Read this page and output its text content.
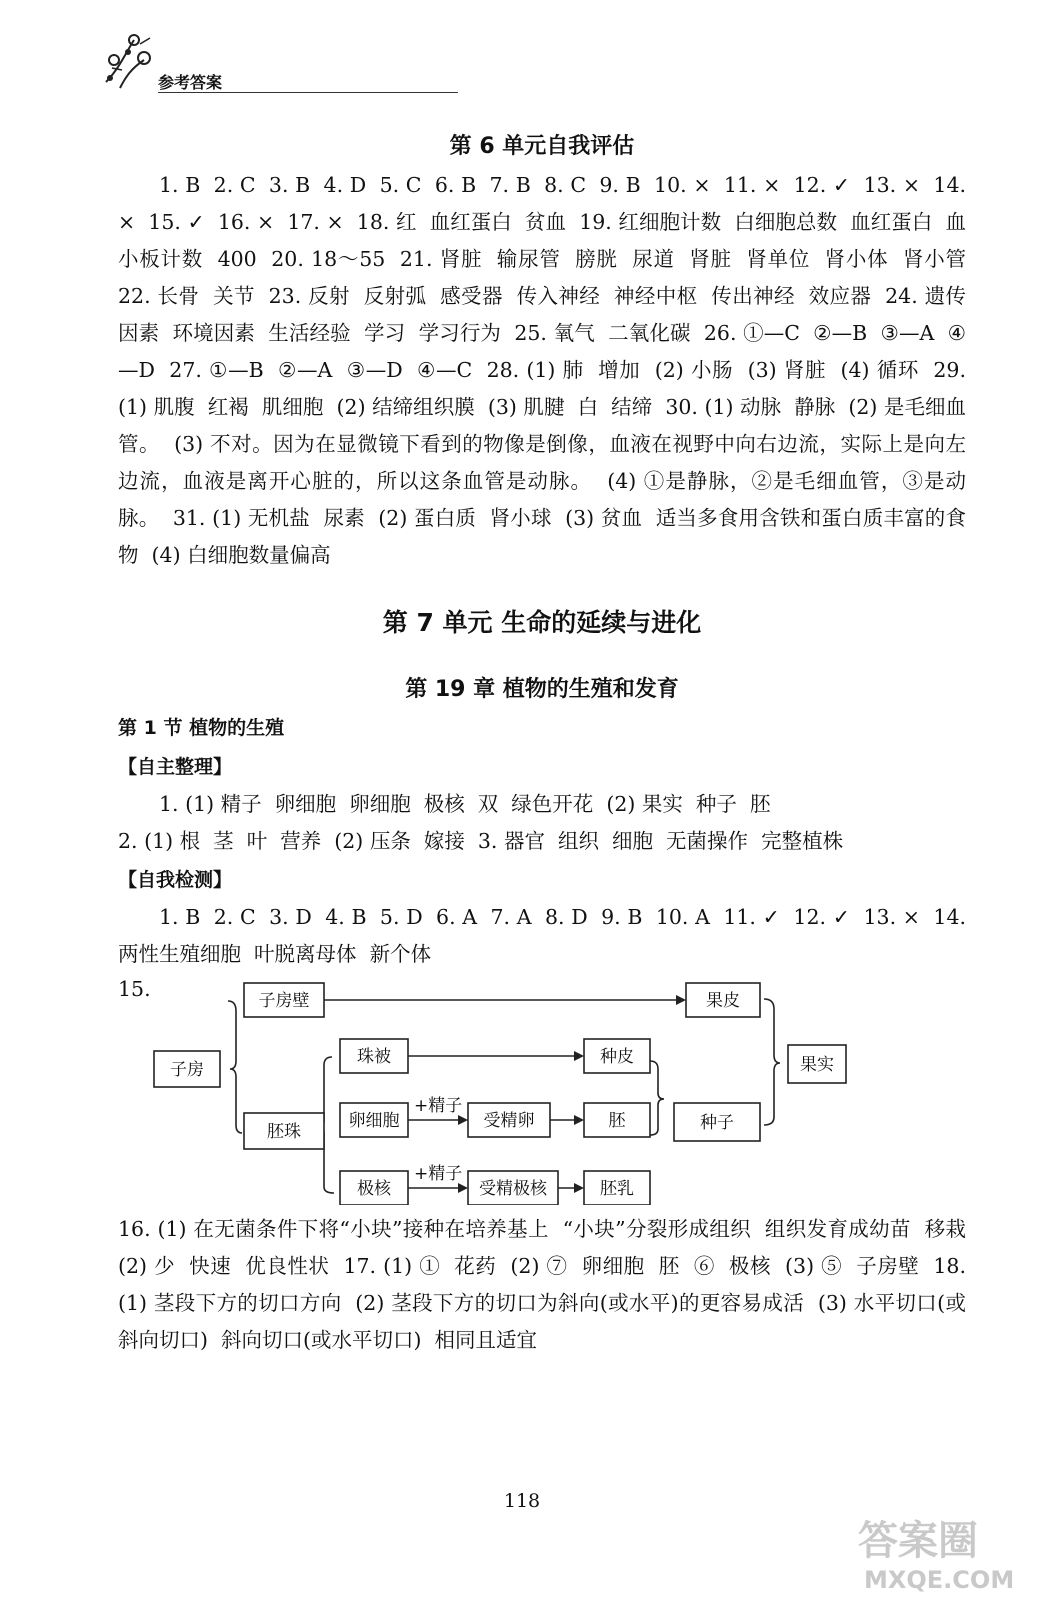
参考答案
第 6 单元自我评估

1. B  2. C  3. B  4. D  5. C  6. B  7. B  8. C  9. B  10. ×  11. ×  12. ✓  13. ×  14. ×  15. ✓  16. ×  17. ×  18. 红  血红蛋白  贫血  19. 红细胞计数  白细胞总数  血红蛋白  血小板计数  400  20. 18～55  21. 肾脏  输尿管  膀胱  尿道  肾脏  肾单位  肾小体  肾小管  22. 长骨  关节  23. 反射  反射弧  感受器  传入神经  神经中枢  传出神经  效应器  24. 遗传因素  环境因素  生活经验  学习  学习行为  25. 氧气  二氧化碳  26. ①—C  ②—B  ③—A  ④—D  27. ①—B  ②—A  ③—D  ④—C  28. (1) 肺  增加  (2) 小肠  (3) 肾脏  (4) 循环  29. (1) 肌腹  红褐  肌细胞  (2) 结缔组织膜  (3) 肌腱  白  结缔  30. (1) 动脉  静脉  (2) 是毛细血管。  (3) 不对。因为在显微镜下看到的物像是倒像，血液在视野中向右边流，实际上是向左边流，血液是离开心脏的，所以这条血管是动脉。  (4) ①是静脉，②是毛细血管，③是动脉。  31. (1) 无机盐  尿素  (2) 蛋白质  肾小球  (3) 贫血  适当多食用含铁和蛋白质丰富的食物  (4) 白细胞数量偏高

第 7 单元 生命的延续与进化
第 19 章 植物的生殖和发育
第 1 节 植物的生殖
【自主整理】

1. (1) 精子  卵细胞  卵细胞  极核  双  绿色开花  (2) 果实  种子  胚

2. (1) 根  茎  叶  营养  (2) 压条  嫁接  3. 器官  组织  细胞  无菌操作  完整植株

【自我检测】

1. B  2. C  3. D  4. B  5. D  6. A  7. A  8. D  9. B  10. A  11. ✓  12. ✓  13. ×  14. 两性生殖细胞  叶脱离母体  新个体

15.	子房壁	果皮
子房
珠被	种皮	果实
卵细胞	受精卵	胚
胚珠	种子
极核	受精极核	胚乳
+精子
+精子

16. (1) 在无菌条件下将“小块”接种在培养基上  “小块”分裂形成组织  组织发育成幼苗  移栽  (2) 少  快速  优良性状  17. (1) ①  花药  (2) ⑦  卵细胞  胚  ⑥  极核  (3) ⑤  子房壁  18. (1) 茎段下方的切口方向  (2) 茎段下方的切口为斜向(或水平)的更容易成活  (3) 水平切口(或斜向切口)  斜向切口(或水平切口)  相同且适宜

118
答案圈
MXQE.COM
